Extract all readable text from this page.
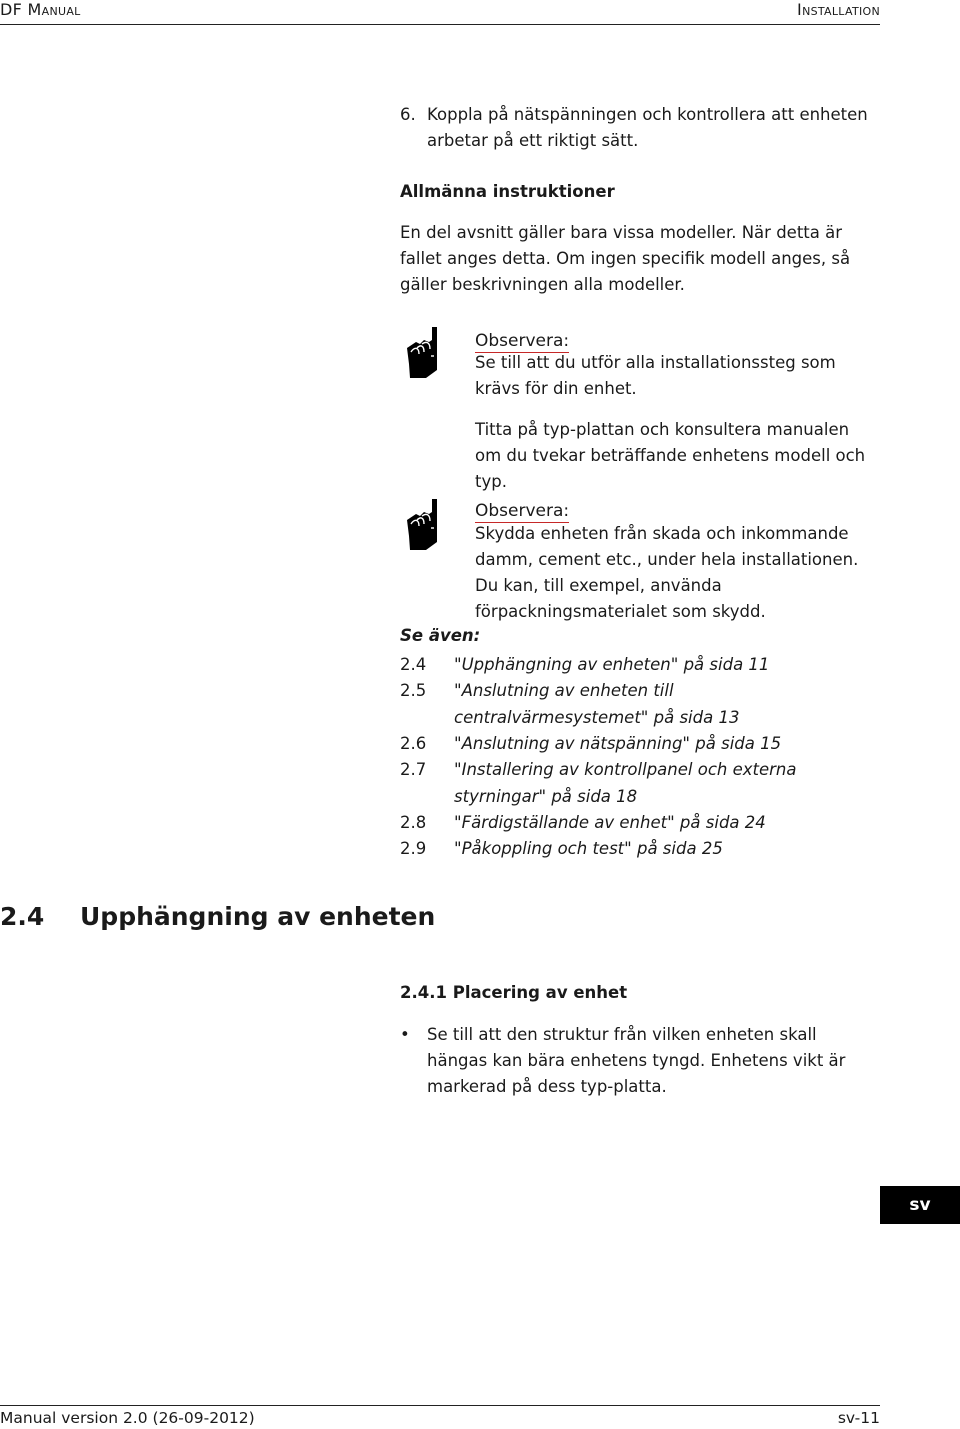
DF Manual	Installation
6. Koppla på nätspänningen och kontrollera att enheten arbetar på ett riktigt sätt.
Allmänna instruktioner
En del avsnitt gäller bara vissa modeller. När detta är fallet anges detta. Om ingen specifik modell anges, så gäller beskrivningen alla modeller.
Observera:
Se till att du utför alla installationssteg som krävs för din enhet.
Titta på typ-plattan och konsultera manualen om du tvekar beträffande enhetens modell och typ.
Observera:
Skydda enheten från skada och inkommande damm, cement etc., under hela installationen. Du kan, till exempel, använda förpackningsmaterialet som skydd.
Se även:
2.4 "Upphängning av enheten" på sida 11
2.5 "Anslutning av enheten till centralvärmesystemet" på sida 13
2.6 "Anslutning av nätspänning" på sida 15
2.7 "Installering av kontrollpanel och externa styrningar" på sida 18
2.8 "Färdigställande av enhet" på sida 24
2.9 "Påkoppling och test" på sida 25
2.4 Upphängning av enheten
2.4.1 Placering av enhet
• Se till att den struktur från vilken enheten skall hängas kan bära enhetens tyngd. Enhetens vikt är markerad på dess typ-platta.
sv
Manual version 2.0 (26-09-2012)	sv-11
